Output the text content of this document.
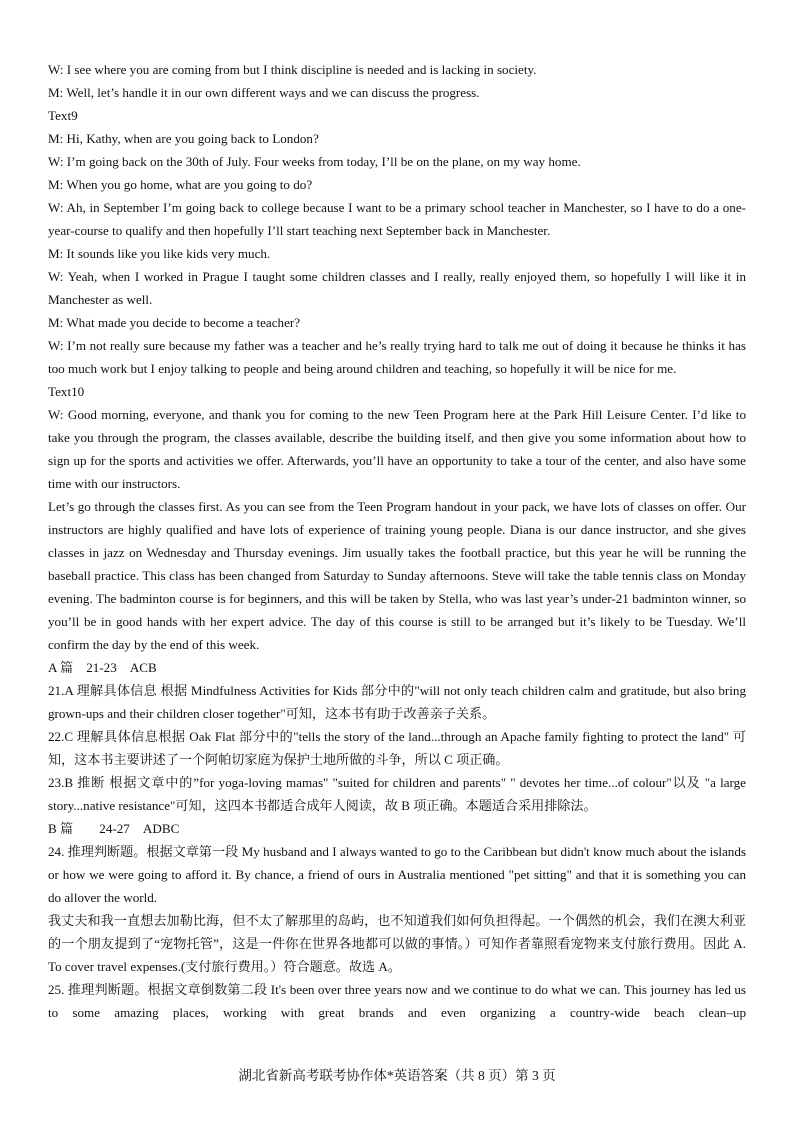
W: I see where you are coming from but I think discipline is needed and is lacking in society.

M: Well, let’s handle it in our own different ways and we can discuss the progress.

Text9

M: Hi, Kathy, when are you going back to London?

W: I’m going back on the 30th of July. Four weeks from today, I’ll be on the plane, on my way home.

M: When you go home, what are you going to do?

W: Ah, in September I’m going back to college because I want to be a primary school teacher in Manchester, so I have to do a one-year-course to qualify and then hopefully I’ll start teaching next September back in Manchester.

M: It sounds like you like kids very much.

W: Yeah, when I worked in Prague I taught some children classes and I really, really enjoyed them, so hopefully I will like it in Manchester as well.

M: What made you decide to become a teacher?

W: I’m not really sure because my father was a teacher and he’s really trying hard to talk me out of doing it because he thinks it has too much work but I enjoy talking to people and being around children and teaching, so hopefully it will be nice for me.

Text10

W: Good morning, everyone, and thank you for coming to the new Teen Program here at the Park Hill Leisure Center. I’d like to take you through the program, the classes available, describe the building itself, and then give you some information about how to sign up for the sports and activities we offer. Afterwards, you’ll have an opportunity to take a tour of the center, and also have some time with our instructors.

Let’s go through the classes first. As you can see from the Teen Program handout in your pack, we have lots of classes on offer. Our instructors are highly qualified and have lots of experience of training young people. Diana is our dance instructor, and she gives classes in jazz on Wednesday and Thursday evenings. Jim usually takes the football practice, but this year he will be running the baseball practice. This class has been changed from Saturday to Sunday afternoons. Steve will take the table tennis class on Monday evening. The badminton course is for beginners, and this will be taken by Stella, who was last year’s under-21 badminton winner, so you’ll be in good hands with her expert advice. The day of this course is still to be arranged but it’s likely to be Tuesday. We’ll confirm the day by the end of this week.

A 篇　21-23　ACB

21.A 理解具体信息 根据 Mindfulness Activities for Kids 部分中的"will not only teach children calm and gratitude, but also bring grown-ups and their children closer together"可知，这本书有助于改善亲子关系。

22.C 理解具体信息根据 Oak Flat 部分中的"tells the story of the land...through an Apache family fighting to protect the land" 可知，这本书主要讲述了一个阿帕切家庭为保护土地所做的斗争，所以 C 项正确。

23.B 推断 根据文章中的”for yoga-loving mamas" "suited for children and parents" " devotes her time...of colour"以及 "a large story...native resistance"可知，这四本书都适合成年人阅读，故 B 项正确。本题适合采用排除法。

B 篇　　24-27　ADBC

24. 推理判断题。根据文章第一段 My husband and I always wanted to go to the Caribbean but didn't know much about the islands or how we were going to afford it. By chance, a friend of ours in Australia mentioned "pet sitting" and that it is something you can do allover the world.

我丈夫和我一直想去加勒比海，但不太了解那里的岛屿，也不知道我们如何负担得起。一个偶然的机会，我们在澳大利亚的一个朋友提到了“宠物托管”，这是一件你在世界各地都可以做的事情。）可知作者靠照看宠物来支付旅行费用。因此 A. To cover travel expenses.(支付旅行费用。）符合题意。故选 A。

25. 推理判断题。根据文章倒数第二段 It's been over three years now and we continue to do what we can. This journey has led us to some amazing places, working with great brands and even organizing a country-wide beach clean–up

湖北省新高考联考协作体*英语答案（共 8 页）第 3 页
